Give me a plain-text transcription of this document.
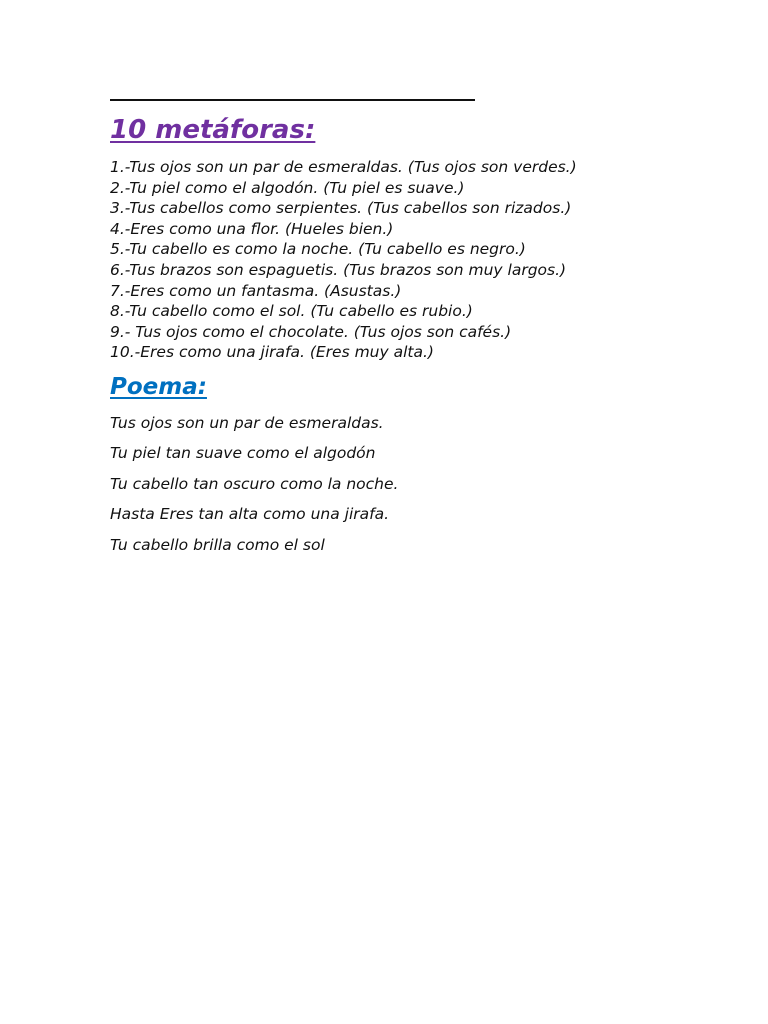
10 metáforas:
1.-Tus ojos son un par de esmeraldas. (Tus ojos son verdes.)
2.-Tu piel como el algodón. (Tu piel es suave.)
3.-Tus cabellos como serpientes. (Tus cabellos son rizados.)
4.-Eres como una flor. (Hueles bien.)
5.-Tu cabello es como la noche. (Tu cabello es negro.)
6.-Tus brazos son espaguetis. (Tus brazos son muy largos.)
7.-Eres como un fantasma. (Asustas.)
8.-Tu cabello como el sol. (Tu cabello es rubio.)
9.- Tus ojos como el chocolate. (Tus ojos son cafés.)
10.-Eres como una jirafa. (Eres muy alta.)
Poema:

Tus ojos son un par de esmeraldas.

Tu piel tan suave como el algodón

Tu cabello tan oscuro como la noche.

Hasta Eres tan alta como una jirafa.

Tu cabello brilla como el sol
